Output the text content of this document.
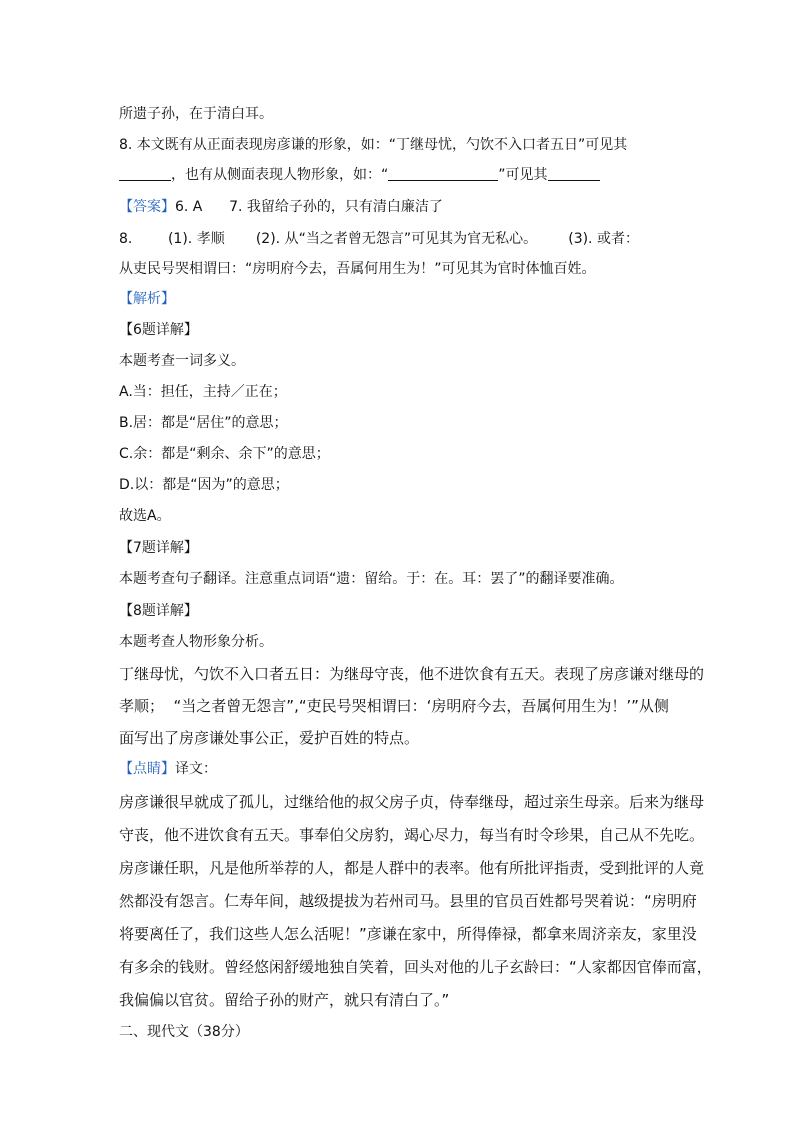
所遗子孙，在于清白耳。
8. 本文既有从正面表现房彦谦的形象，如：“丁继母忧，勺饮不入口者五日”可见其
，也有从侧面表现人物形象，如：“	”可见其
【答案】6. A      7. 我留给子孙的，只有清白廉洁了
8.        (1). 孝顺       (2). 从“当之者曾无怨言”可见其为官无私心。       (3). 或者：
从吏民号哭相谓曰：“房明府今去，吾属何用生为！”可见其为官时体恤百姓。
【解析】
【6题详解】
本题考查一词多义。
A.当：担任，主持／正在；
B.居：都是“居住”的意思；
C.余：都是“剩余、余下”的意思；
D.以：都是“因为”的意思；
故选A。
【7题详解】
本题考查句子翻译。注意重点词语“遗：留给。于：在。耳：罢了”的翻译要准确。
【8题详解】
本题考查人物形象分析。
丁继母忧，勺饮不入口者五日：为继母守丧，他不进饮食有五天。表现了房彦谦对继母的
孝顺；  “当之者曾无怨言”,“吏民号哭相谓曰：‘房明府今去，吾属何用生为！’”从侧
面写出了房彦谦处事公正，爱护百姓的特点。
【点睛】译文：
房彦谦很早就成了孤儿，过继给他的叔父房子贞，侍奉继母，超过亲生母亲。后来为继母
守丧，他不进饮食有五天。事奉伯父房豹，竭心尽力，每当有时令珍果，自己从不先吃。
房彦谦任职，凡是他所举荐的人，都是人群中的表率。他有所批评指责，受到批评的人竟
然都没有怨言。仁寿年间，越级提拔为若州司马。县里的官员百姓都号哭着说：“房明府
将要离任了，我们这些人怎么活呢！”彦谦在家中，所得俸禄，都拿来周济亲友，家里没
有多余的钱财。曾经悠闲舒缓地独自笑着，回头对他的儿子玄龄曰：“人家都因官俸而富，
我偏偏以官贫。留给子孙的财产，就只有清白了。”
二、现代文（38分）
